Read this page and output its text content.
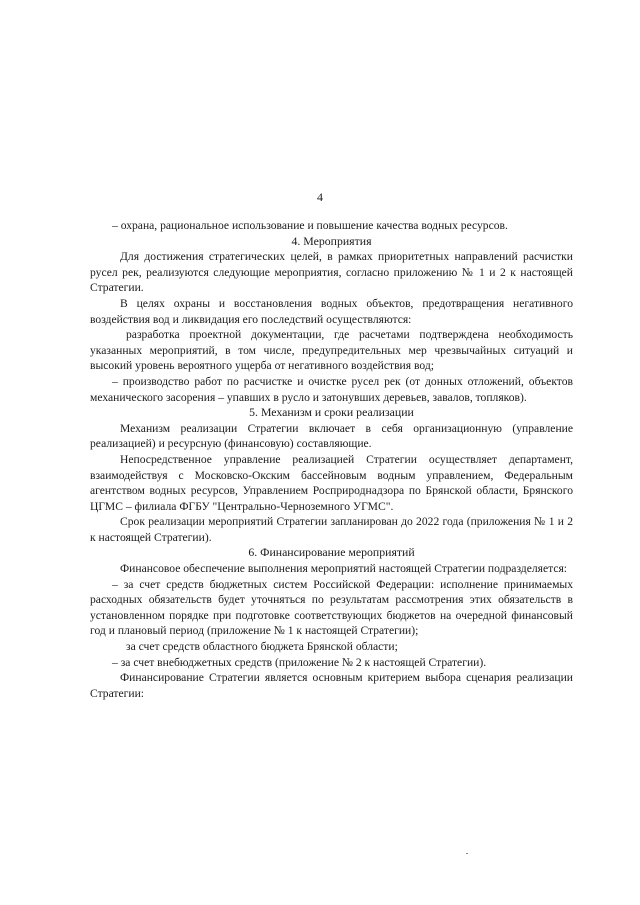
4

– охрана, рациональное использование и повышение качества водных ресурсов.

4. Мероприятия

Для достижения стратегических целей, в рамках приоритетных направлений расчистки русел рек, реализуются следующие мероприятия, согласно приложению № 1 и 2 к настоящей Стратегии.

В целях охраны и восстановления водных объектов, предотвращения негативного воздействия вод и ликвидация его последствий осуществляются:

разработка проектной документации, где расчетами подтверждена необходимость указанных мероприятий, в том числе, предупредительных мер чрезвычайных ситуаций и высокий уровень вероятного ущерба от негативного воздействия вод;

– производство работ по расчистке и очистке русел рек (от донных отложений, объектов механического засорения – упавших в русло и затонувших деревьев, завалов, топляков).

5. Механизм и сроки реализации

Механизм реализации Стратегии включает в себя организационную (управление реализацией) и ресурсную (финансовую) составляющие.

Непосредственное управление реализацией Стратегии осуществляет департамент, взаимодействуя с Московско-Окским бассейновым водным управлением, Федеральным агентством водных ресурсов, Управлением Росприроднадзора по Брянской области, Брянского ЦГМС – филиала ФГБУ "Центрально-Черноземного УГМС".

Срок реализации мероприятий Стратегии запланирован до 2022 года (приложения № 1 и 2 к настоящей Стратегии).

6. Финансирование мероприятий

Финансовое обеспечение выполнения мероприятий настоящей Стратегии подразделяется:

– за счет средств бюджетных систем Российской Федерации: исполнение принимаемых расходных обязательств будет уточняться по результатам рассмотрения этих обязательств в установленном порядке при подготовке соответствующих бюджетов на очередной финансовый год и плановый период (приложение № 1 к настоящей Стратегии);

за счет средств областного бюджета Брянской области;

– за счет внебюджетных средств (приложение № 2 к настоящей Стратегии).

Финансирование Стратегии является основным критерием выбора сценария реализации Стратегии:
